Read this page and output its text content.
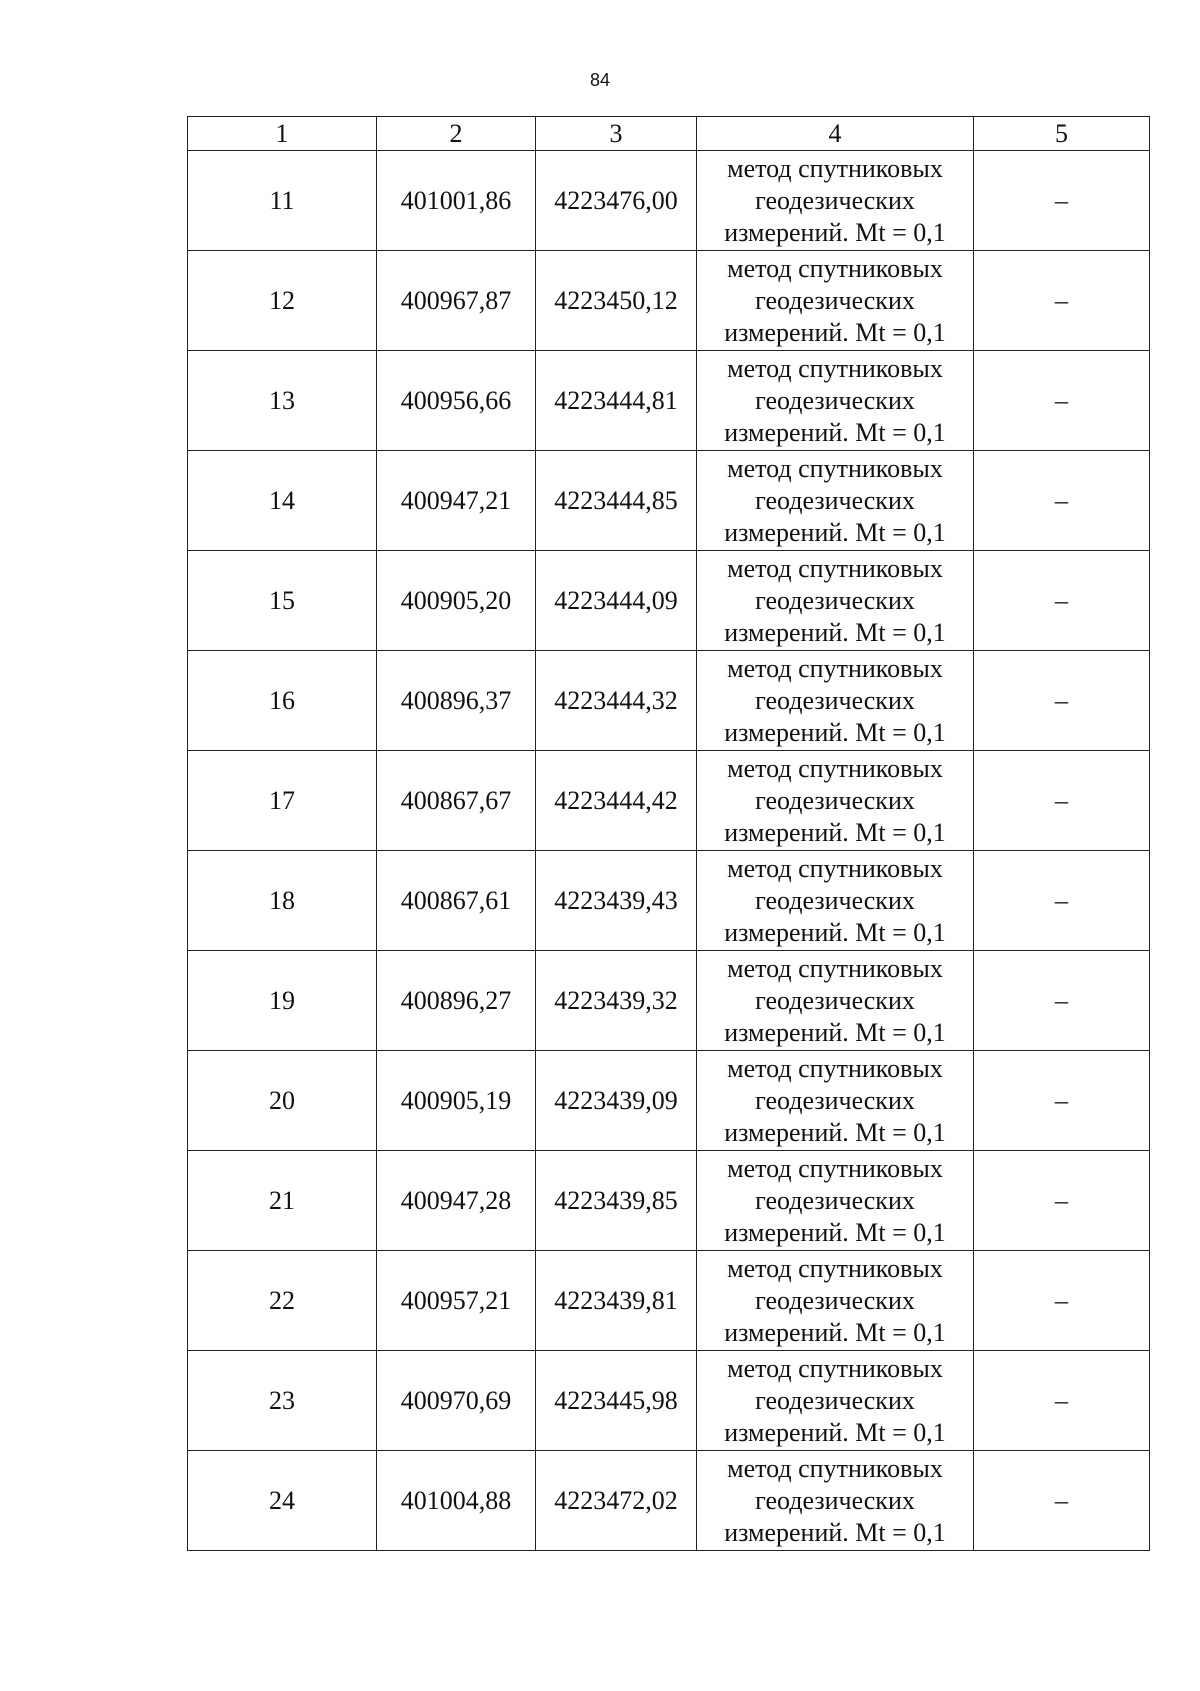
84
1	2	3	4	5
11	401001,86	4223476,00	метод спутниковых
геодезических
измерений. Mt = 0,1	–
12	400967,87	4223450,12	метод спутниковых
геодезических
измерений. Mt = 0,1	–
13	400956,66	4223444,81	метод спутниковых
геодезических
измерений. Mt = 0,1	–
14	400947,21	4223444,85	метод спутниковых
геодезических
измерений. Mt = 0,1	–
15	400905,20	4223444,09	метод спутниковых
геодезических
измерений. Mt = 0,1	–
16	400896,37	4223444,32	метод спутниковых
геодезических
измерений. Mt = 0,1	–
17	400867,67	4223444,42	метод спутниковых
геодезических
измерений. Mt = 0,1	–
18	400867,61	4223439,43	метод спутниковых
геодезических
измерений. Mt = 0,1	–
19	400896,27	4223439,32	метод спутниковых
геодезических
измерений. Mt = 0,1	–
20	400905,19	4223439,09	метод спутниковых
геодезических
измерений. Mt = 0,1	–
21	400947,28	4223439,85	метод спутниковых
геодезических
измерений. Mt = 0,1	–
22	400957,21	4223439,81	метод спутниковых
геодезических
измерений. Mt = 0,1	–
23	400970,69	4223445,98	метод спутниковых
геодезических
измерений. Mt = 0,1	–
24	401004,88	4223472,02	метод спутниковых
геодезических
измерений. Mt = 0,1	–
